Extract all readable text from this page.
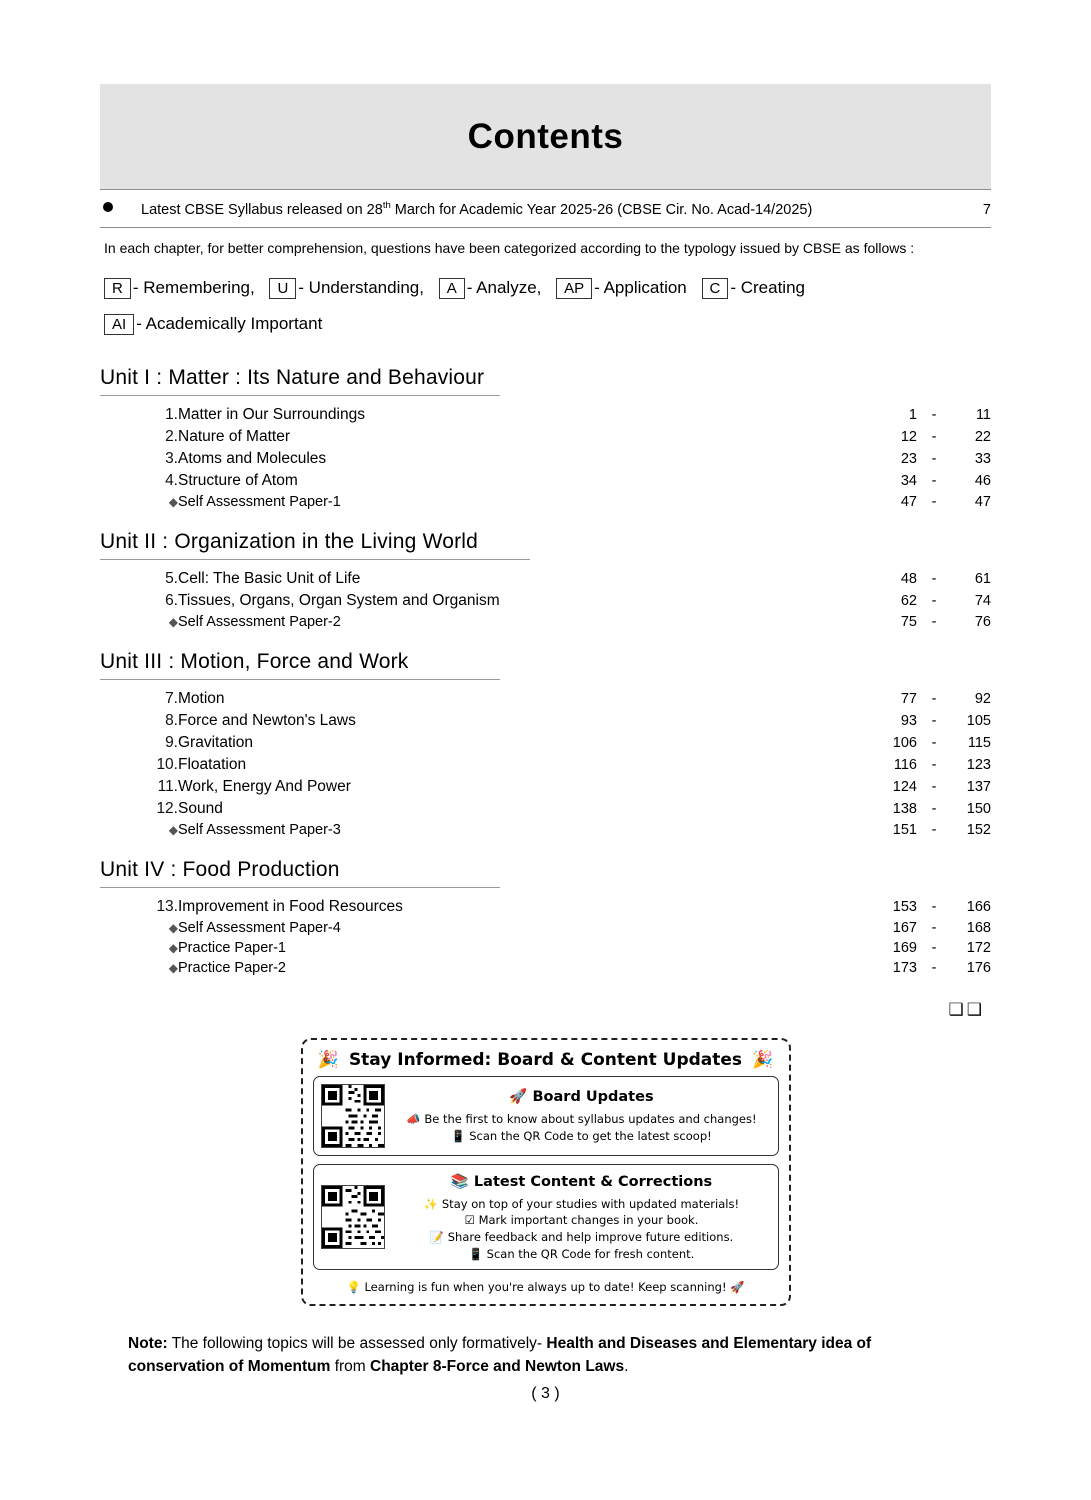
Contents
Latest CBSE Syllabus released on 28th March for Academic Year 2025-26 (CBSE Cir. No. Acad-14/2025)	7
In each chapter, for better comprehension, questions have been categorized according to the typology issued by CBSE as follows :
R - Remembering, U - Understanding, A - Analyze, AP - Application C - Creating
AI - Academically Important
Unit I : Matter : Its Nature and Behaviour
1.	Matter in Our Surroundings	1	-	11
2.	Nature of Matter	12	-	22
3.	Atoms and Molecules	23	-	33
4.	Structure of Atom	34	-	46
◆	Self Assessment Paper-1	47	-	47
Unit II : Organization in the Living World
5.	Cell: The Basic Unit of Life	48	-	61
6.	Tissues, Organs, Organ System and Organism	62	-	74
◆	Self Assessment Paper-2	75	-	76
Unit III : Motion, Force and Work
7.	Motion	77	-	92
8.	Force and Newton's Laws	93	-	105
9.	Gravitation	106	-	115
10.	Floatation	116	-	123
11.	Work, Energy And Power	124	-	137
12.	Sound	138	-	150
◆	Self Assessment Paper-3	151	-	152
Unit IV : Food Production
13.	Improvement in Food Resources	153	-	166
◆	Self Assessment Paper-4	167	-	168
◆	Practice Paper-1	169	-	172
◆	Practice Paper-2	173	-	176
❑❑
🎉 Stay Informed: Board & Content Updates 🎉
🚀 Board Updates
📣 Be the first to know about syllabus updates and changes!
📱 Scan the QR Code to get the latest scoop!
📚 Latest Content & Corrections
✨ Stay on top of your studies with updated materials!
☑ Mark important changes in your book.
📝 Share feedback and help improve future editions.
📱 Scan the QR Code for fresh content.
💡 Learning is fun when you're always up to date! Keep scanning! 🚀
Note: The following topics will be assessed only formatively- Health and Diseases and Elementary idea of conservation of Momentum from Chapter 8-Force and Newton Laws.
( 3 )
